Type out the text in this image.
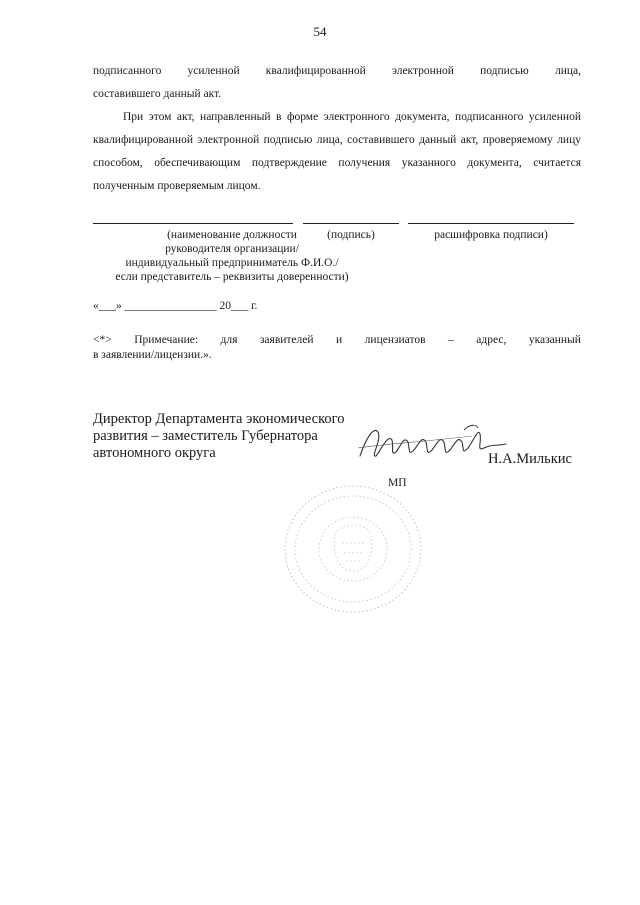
54
подписанного усиленной квалифицированной электронной подписью лица,
составившего данный акт.
При этом акт, направленный в форме электронного документа, подписанного усиленной квалифицированной электронной подписью лица, составившего данный акт, проверяемому лицу способом, обеспечивающим подтверждение получения указанного документа, считается полученным проверяемым лицом.
(наименование должности	(подпись)	расшифровка подписи)
руководителя организации/
индивидуальный предприниматель Ф.И.О./
если представитель – реквизиты доверенности)
«___» ________________ 20___ г.
<*> Примечание: для заявителей и лицензиатов – адрес, указанный
в заявлении/лицензии.».
Директор Департамента экономического
развития – заместитель Губернатора
автономного округа	Н.А.Милькис
МП
